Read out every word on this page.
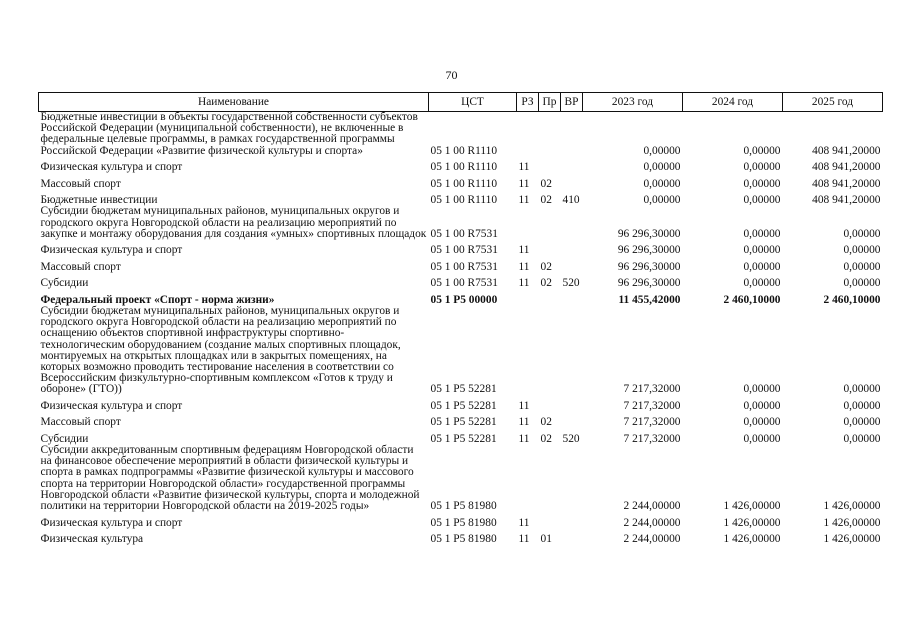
70
Наименование	ЦСТ	РЗ	Пр	ВР	2023 год	2024 год	2025 год
Бюджетные инвестиции в объекты государственной собственности субъектов Российской Федерации (муниципальной собственности), не включенные в федеральные целевые программы, в рамках государственной программы Российской Федерации «Развитие физической культуры и спорта»	05 1 00 R1110				0,00000	0,00000	408 941,20000
Физическая культура и спорт	05 1 00 R1110	11			0,00000	0,00000	408 941,20000
Массовый спорт	05 1 00 R1110	11	02		0,00000	0,00000	408 941,20000
Бюджетные инвестиции	05 1 00 R1110	11	02	410	0,00000	0,00000	408 941,20000
Субсидии бюджетам муниципальных районов, муниципальных округов и городского округа Новгородской области на реализацию мероприятий по закупке и монтажу оборудования для создания «умных» спортивных площадок	05 1 00 R7531				96 296,30000	0,00000	0,00000
Физическая культура и спорт	05 1 00 R7531	11			96 296,30000	0,00000	0,00000
Массовый спорт	05 1 00 R7531	11	02		96 296,30000	0,00000	0,00000
Субсидии	05 1 00 R7531	11	02	520	96 296,30000	0,00000	0,00000
Федеральный проект «Спорт - норма жизни»	05 1 P5 00000				11 455,42000	2 460,10000	2 460,10000
Субсидии бюджетам муниципальных районов, муниципальных округов и городского округа Новгородской области на реализацию мероприятий по оснащению объектов спортивной инфраструктуры спортивно-технологическим оборудованием (создание малых спортивных площадок, монтируемых на открытых площадках или в закрытых помещениях, на которых возможно проводить тестирование населения в соответствии со Всероссийским физкультурно-спортивным комплексом «Готов к труду и обороне» (ГТО))	05 1 P5 52281				7 217,32000	0,00000	0,00000
Физическая культура и спорт	05 1 P5 52281	11			7 217,32000	0,00000	0,00000
Массовый спорт	05 1 P5 52281	11	02		7 217,32000	0,00000	0,00000
Субсидии	05 1 P5 52281	11	02	520	7 217,32000	0,00000	0,00000
Субсидии аккредитованным спортивным федерациям Новгородской области на финансовое обеспечение мероприятий в области физической культуры и спорта в рамках подпрограммы «Развитие физической культуры и массового спорта на территории Новгородской области» государственной программы Новгородской области «Развитие физической культуры, спорта и молодежной политики на территории Новгородской области на 2019-2025 годы»	05 1 P5 81980				2 244,00000	1 426,00000	1 426,00000
Физическая культура и спорт	05 1 P5 81980	11			2 244,00000	1 426,00000	1 426,00000
Физическая культура	05 1 P5 81980	11	01		2 244,00000	1 426,00000	1 426,00000
